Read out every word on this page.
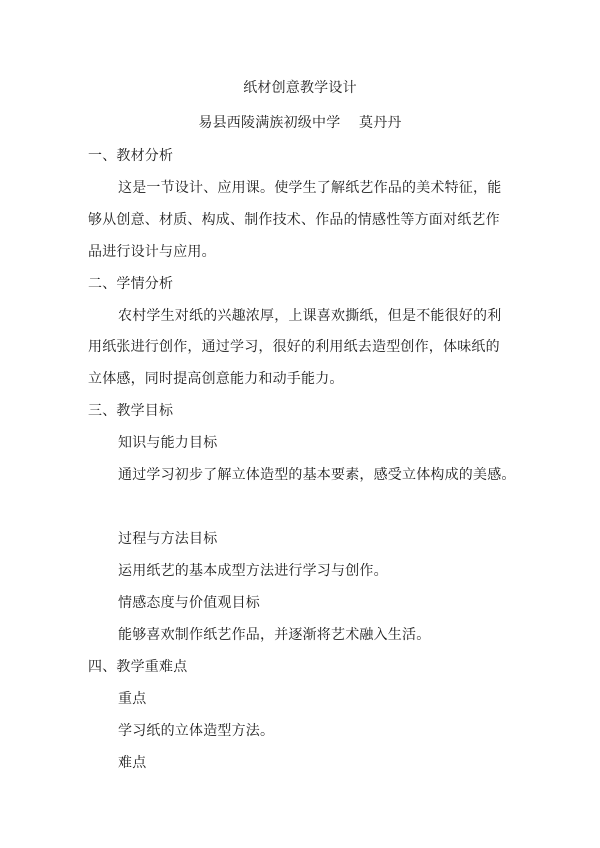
纸材创意教学设计
易县西陵满族初级中学    莫丹丹
一、教材分析
这是一节设计、应用课。使学生了解纸艺作品的美术特征，能
够从创意、材质、构成、制作技术、作品的情感性等方面对纸艺作
品进行设计与应用。
二、学情分析
农村学生对纸的兴趣浓厚，上课喜欢撕纸，但是不能很好的利
用纸张进行创作，通过学习，很好的利用纸去造型创作，体味纸的
立体感，同时提高创意能力和动手能力。
三、教学目标
知识与能力目标
通过学习初步了解立体造型的基本要素，感受立体构成的美感。
过程与方法目标
运用纸艺的基本成型方法进行学习与创作。
情感态度与价值观目标
能够喜欢制作纸艺作品，并逐渐将艺术融入生活。
四、教学重难点
重点
学习纸的立体造型方法。
难点
